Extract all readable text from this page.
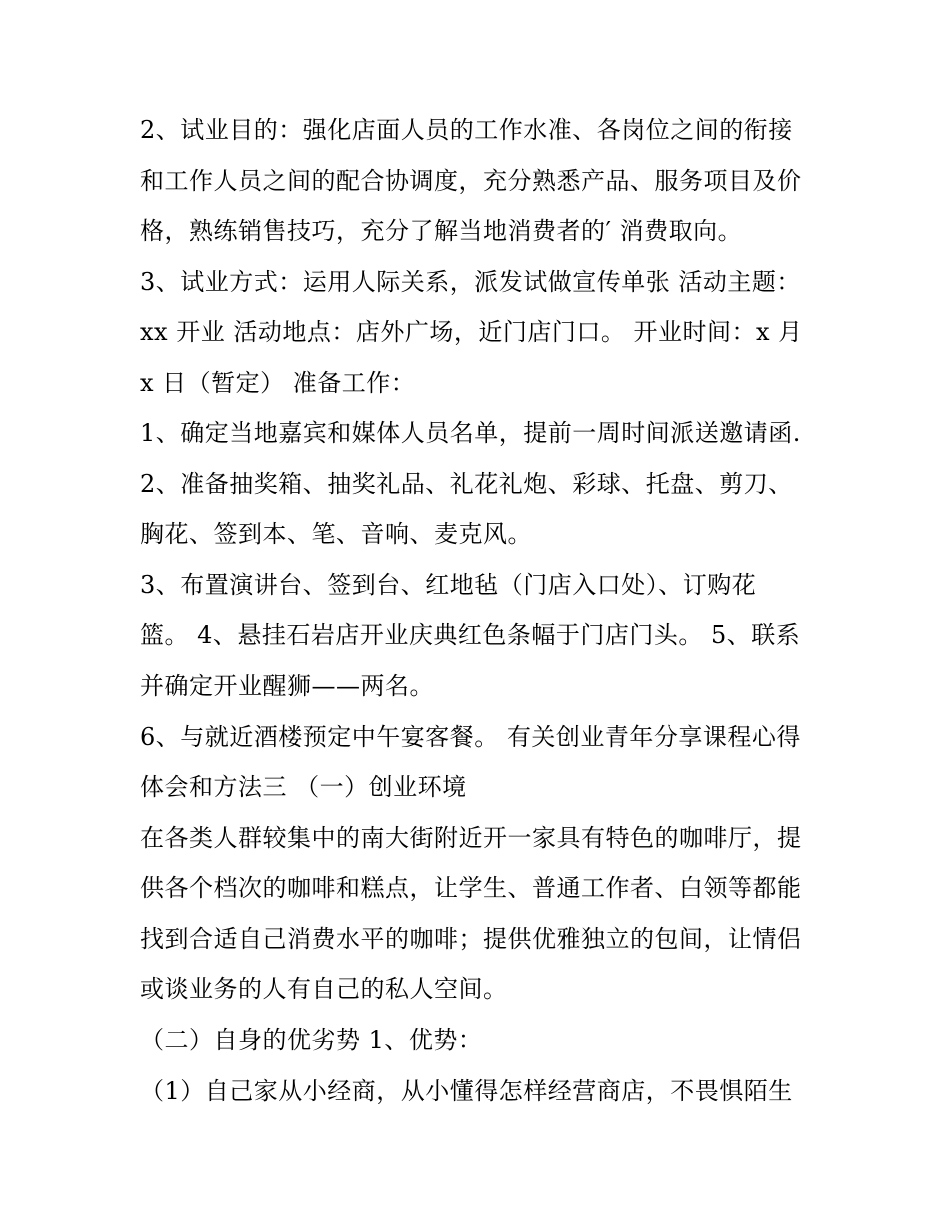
2、试业目的：强化店面人员的工作水准、各岗位之间的衔接
和工作人员之间的配合协调度，充分熟悉产品、服务项目及价
格，熟练销售技巧，充分了解当地消费者的′ 消费取向。
3、试业方式：运用人际关系，派发试做宣传单张 活动主题：
xx 开业 活动地点：店外广场，近门店门口。 开业时间：x 月
x 日（暂定） 准备工作：
1、确定当地嘉宾和媒体人员名单，提前一周时间派送邀请函.
2、准备抽奖箱、抽奖礼品、礼花礼炮、彩球、托盘、剪刀、
胸花、签到本、笔、音响、麦克风。
3、布置演讲台、签到台、红地毡（门店入口处）、订购花
篮。 4、悬挂石岩店开业庆典红色条幅于门店门头。 5、联系
并确定开业醒狮——两名。
6、与就近酒楼预定中午宴客餐。 有关创业青年分享课程心得
体会和方法三 （一）创业环境
在各类人群较集中的南大街附近开一家具有特色的咖啡厅，提
供各个档次的咖啡和糕点，让学生、普通工作者、白领等都能
找到合适自己消费水平的咖啡；提供优雅独立的包间，让情侣
或谈业务的人有自己的私人空间。
（二）自身的优劣势 1、优势：
（1）自己家从小经商，从小懂得怎样经营商店，不畏惧陌生
